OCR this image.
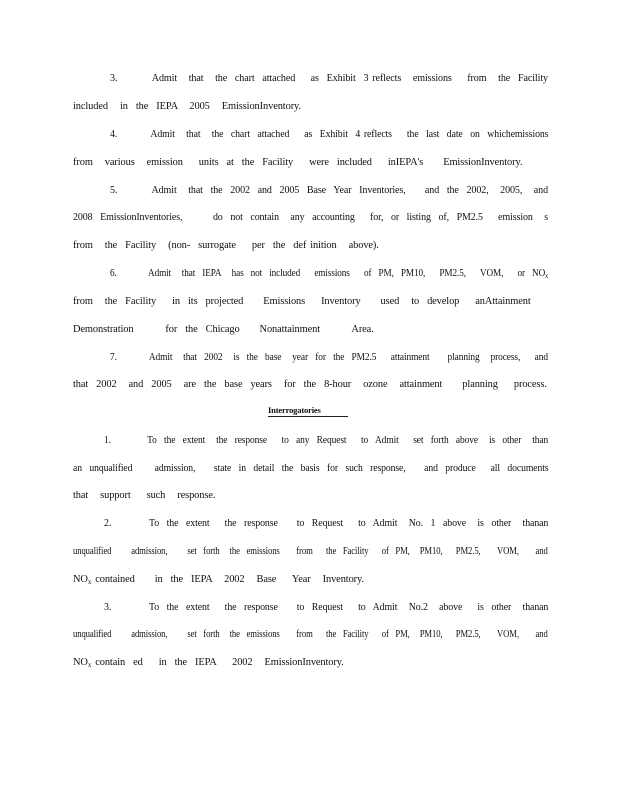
3.         Admit   that   the  chart  attached    as  Exhibit  3 reflects   emissions    from   the  Facility
included   in  the  IEPA   2005   EmissionInventory.
4.         Admit   that   the  chart  attached    as  Exhibit  4 reflects    the  last  date  on  whichemissions
from   various   emission    units  at  the  Facility    were  included    inIEPA's     EmissionInventory.
5.         Admit   that  the  2002  and  2005  Base  Year  Inventories,     and  the  2002,   2005,   and
2008  EmissionInventories,        do  not  contain   any  accounting    for,  or  listing  of,  PM2.5    emission   s
from   the  Facility   (non-  surrogate    per  the  def inition   above).
6.         Admit   that  IEPA   has  not  included    emissions    of  PM,  PM10,    PM2.5,    VOM,    or  $NO_x$
from   the  Facility    in  its  projected     Emissions    Inventory     used   to  develop    anAttainment
Demonstration        for  the  Chicago     Nonattainment        Area.
7.         Admit   that  2002   is  the  base   year  for  the  PM2.5    attainment     planning   process,    and
that  2002   and  2005   are  the  base  years   for  the  8-hour   ozone   attainment     planning    process.
Interrogatories
1.          To  the  extent   the  response    to  any  Request    to  Admit    set  forth  above   is  other   than
an  unqualified      admission,     state  in  detail  the  basis  for  such  response,     and  produce    all  documents
that   support    such   response.
2.          To  the  extent    the  response     to  Request    to  Admit   No.  1  above   is  other   thanan
unqualified      admission,      set  forth   the  emissions     from    the  Facility    of  PM,   PM10,    PM2.5,     VOM,     and
$NO_x$ contained     in  the  IEPA   2002   Base    Year   Inventory.
3.          To  the  extent    the  response     to  Request    to  Admit   No.2   above    is  other   thanan
unqualified      admission,      set  forth   the  emissions     from    the  Facility    of  PM,   PM10,    PM2.5,     VOM,     and
$NO_x$ contain  ed    in  the  IEPA    2002   EmissionInventory.
